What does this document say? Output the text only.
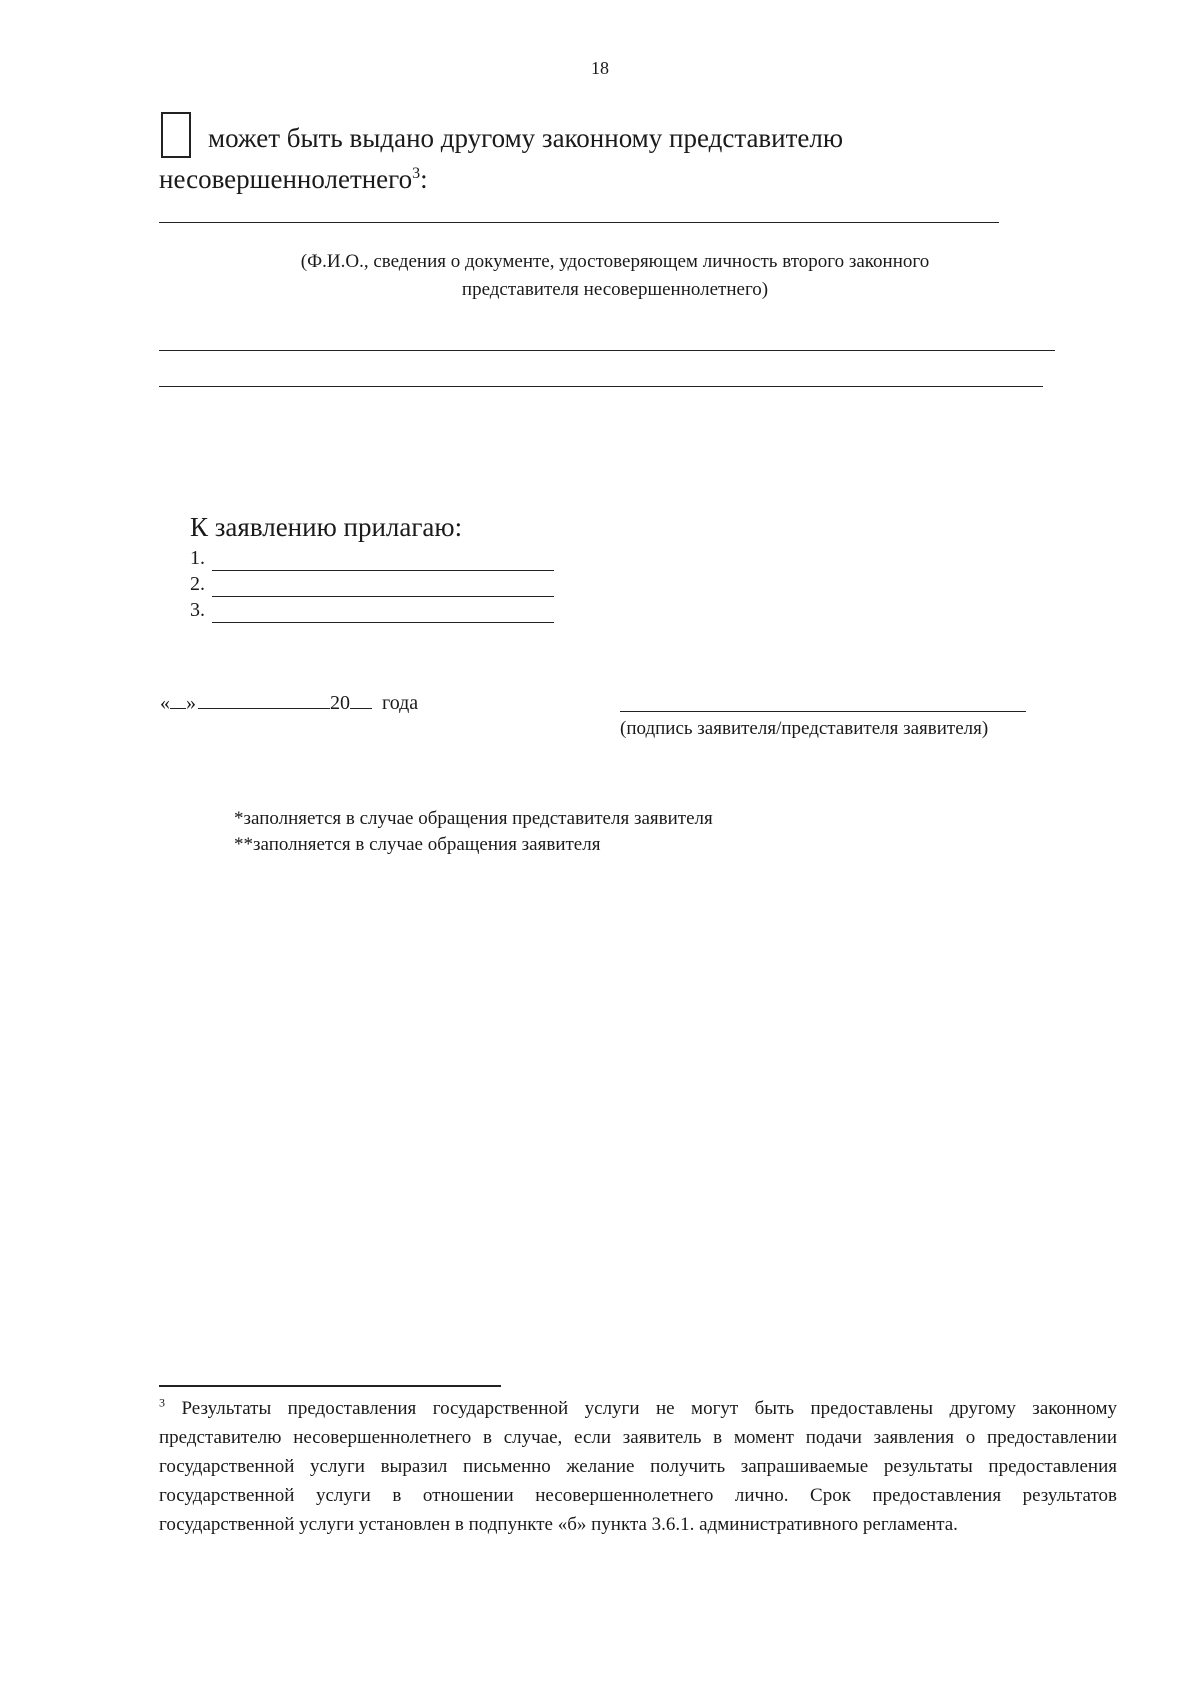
18
может быть выдано другому законному представителю
несовершеннолетнего$^3$:
(Ф.И.О., сведения о документе, удостоверяющем личность второго законного
представителя несовершеннолетнего)
К заявлению прилагаю:
1.
2.
3.
« »	20 года
(подпись заявителя/представителя заявителя)
*заполняется в случае обращения представителя заявителя
**заполняется в случае обращения заявителя
$^3$ Результаты предоставления государственной услуги не могут быть предоставлены другому законному представителю несовершеннолетнего в случае, если заявитель в момент подачи заявления о предоставлении государственной услуги выразил письменно желание получить запрашиваемые результаты предоставления государственной услуги в отношении несовершеннолетнего лично. Срок предоставления результатов государственной услуги установлен в подпункте «б» пункта 3.6.1. административного регламента.
